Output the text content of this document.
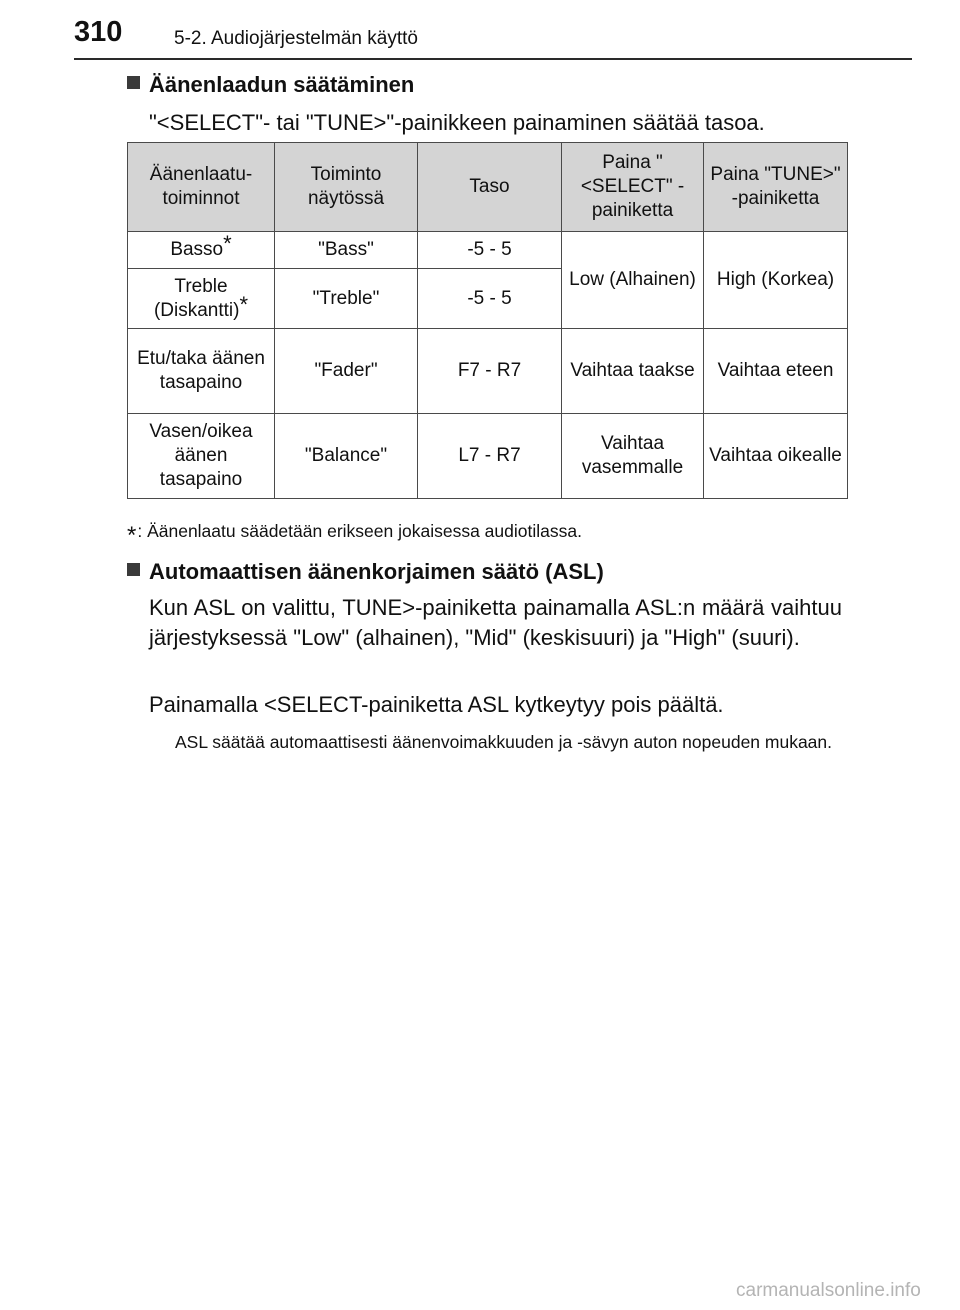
310	5-2. Audiojärjestelmän käyttö
Äänenlaadun säätäminen
"<SELECT"- tai "TUNE>"-painikkeen painaminen säätää tasoa.
Äänenlaatu-toiminnot	Toiminto näytössä	Taso	Paina "<SELECT" -painiketta	Paina "TUNE>" -painiketta
Basso*	"Bass"	-5 - 5	Low (Alhainen)	High (Korkea)
Treble (Diskantti)*	"Treble"	-5 - 5		
Etu/taka äänen tasapaino	"Fader"	F7 - R7	Vaihtaa taakse	Vaihtaa eteen
Vasen/oikea äänen tasapaino	"Balance"	L7 - R7	Vaihtaa vasemmalle	Vaihtaa oikealle
*: Äänenlaatu säädetään erikseen jokaisessa audiotilassa.
Automaattisen äänenkorjaimen säätö (ASL)
Kun ASL on valittu, TUNE>-painiketta painamalla ASL:n määrä vaihtuu järjestyksessä "Low" (alhainen), "Mid" (keskisuuri) ja "High" (suuri).
Painamalla <SELECT-painiketta ASL kytkeytyy pois päältä.
ASL säätää automaattisesti äänenvoimakkuuden ja -sävyn auton nopeuden mukaan.
carmanualsonline.info
